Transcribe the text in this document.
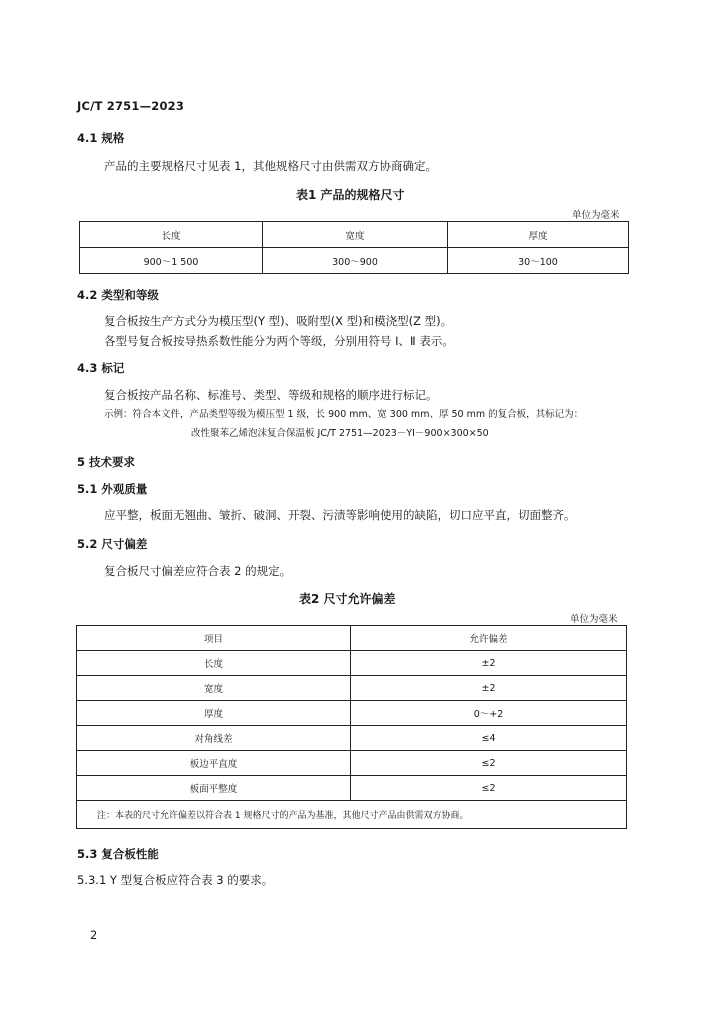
JC/T 2751—2023
4.1 规格
产品的主要规格尺寸见表 1，其他规格尺寸由供需双方协商确定。
表1 产品的规格尺寸
单位为毫米
长度	宽度	厚度
900～1 500	300～900	30～100
4.2 类型和等级
复合板按生产方式分为模压型(Y 型)、吸附型(X 型)和模浇型(Z 型)。
各型号复合板按导热系数性能分为两个等级，分别用符号 Ⅰ、Ⅱ 表示。
4.3 标记
复合板按产品名称、标准号、类型、等级和规格的顺序进行标记。
示例：符合本文件，产品类型等级为模压型 1 级，长 900 mm、宽 300 mm、厚 50 mm 的复合板，其标记为：
改性聚苯乙烯泡沫复合保温板 JC/T 2751—2023－YⅠ－900×300×50
5 技术要求
5.1 外观质量
应平整，板面无翘曲、皱折、破洞、开裂、污渍等影响使用的缺陷，切口应平直，切面整齐。
5.2 尺寸偏差
复合板尺寸偏差应符合表 2 的规定。
表2 尺寸允许偏差
单位为毫米
项目	允许偏差
长度	±2
宽度	±2
厚度	0～+2
对角线差	≤4
板边平直度	≤2
板面平整度	≤2
注：本表的尺寸允许偏差以符合表 1 规格尺寸的产品为基准，其他尺寸产品由供需双方协商。	
5.3 复合板性能
5.3.1 Y 型复合板应符合表 3 的要求。
2
